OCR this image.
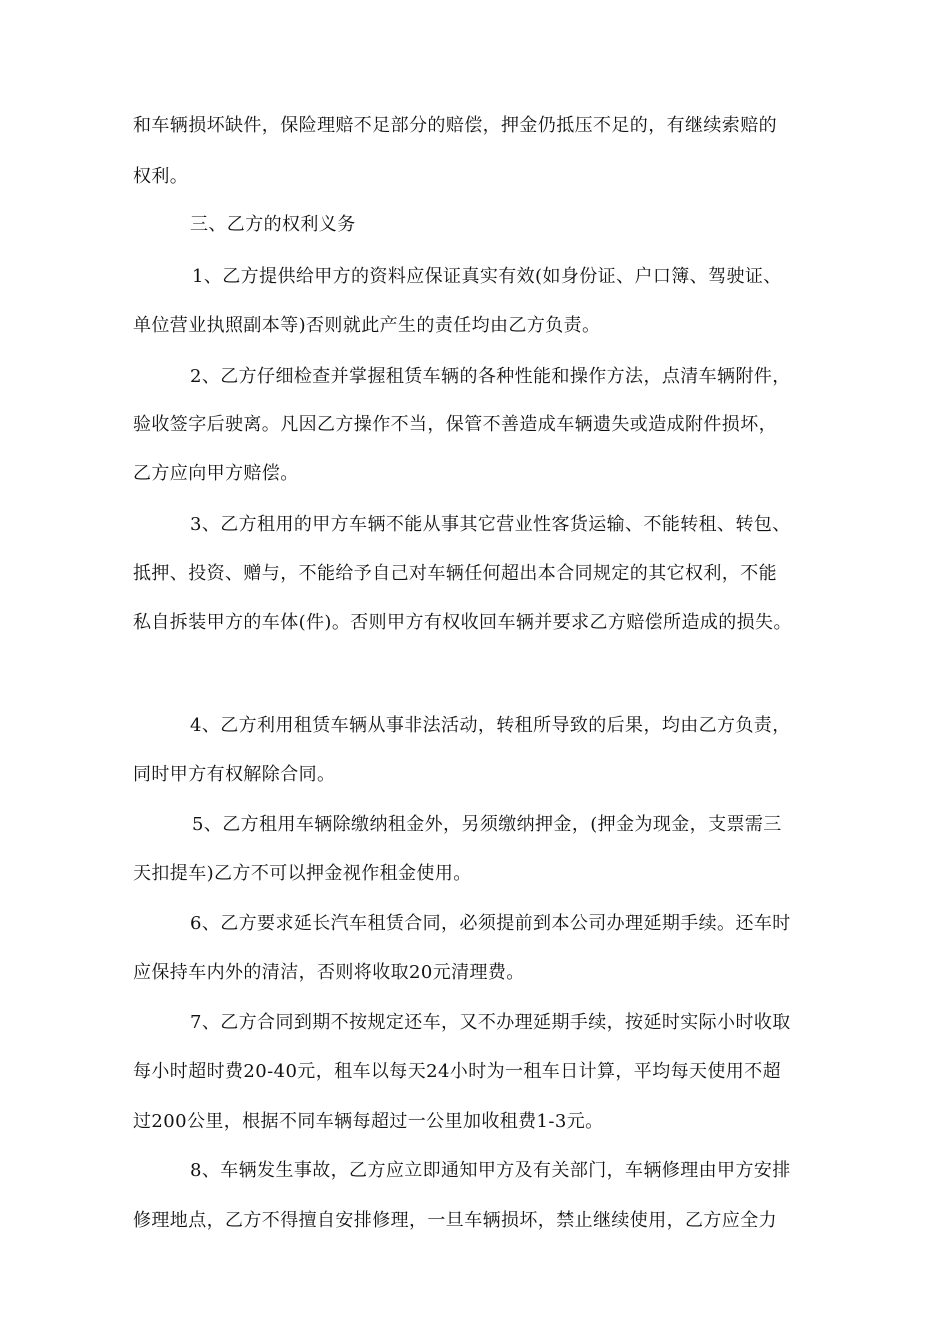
和车辆损坏缺件，保险理赔不足部分的赔偿，押金仍抵压不足的，有继续索赔的
权利。
三、乙方的权利义务
1、乙方提供给甲方的资料应保证真实有效(如身份证、户口簿、驾驶证、
单位营业执照副本等)否则就此产生的责任均由乙方负责。
2、乙方仔细检查并掌握租赁车辆的各种性能和操作方法，点清车辆附件，
验收签字后驶离。凡因乙方操作不当，保管不善造成车辆遗失或造成附件损坏，
乙方应向甲方赔偿。
3、乙方租用的甲方车辆不能从事其它营业性客货运输、不能转租、转包、
抵押、投资、赠与，不能给予自己对车辆任何超出本合同规定的其它权利，不能
私自拆装甲方的车体(件)。否则甲方有权收回车辆并要求乙方赔偿所造成的损失。
4、乙方利用租赁车辆从事非法活动，转租所导致的后果，均由乙方负责，
同时甲方有权解除合同。
5、乙方租用车辆除缴纳租金外，另须缴纳押金，(押金为现金，支票需三
天扣提车)乙方不可以押金视作租金使用。
6、乙方要求延长汽车租赁合同，必须提前到本公司办理延期手续。还车时
应保持车内外的清洁，否则将收取20元清理费。
7、乙方合同到期不按规定还车，又不办理延期手续，按延时实际小时收取
每小时超时费20-40元，租车以每天24小时为一租车日计算，平均每天使用不超
过200公里，根据不同车辆每超过一公里加收租费1-3元。
8、车辆发生事故，乙方应立即通知甲方及有关部门，车辆修理由甲方安排
修理地点，乙方不得擅自安排修理，一旦车辆损坏，禁止继续使用，乙方应全力
